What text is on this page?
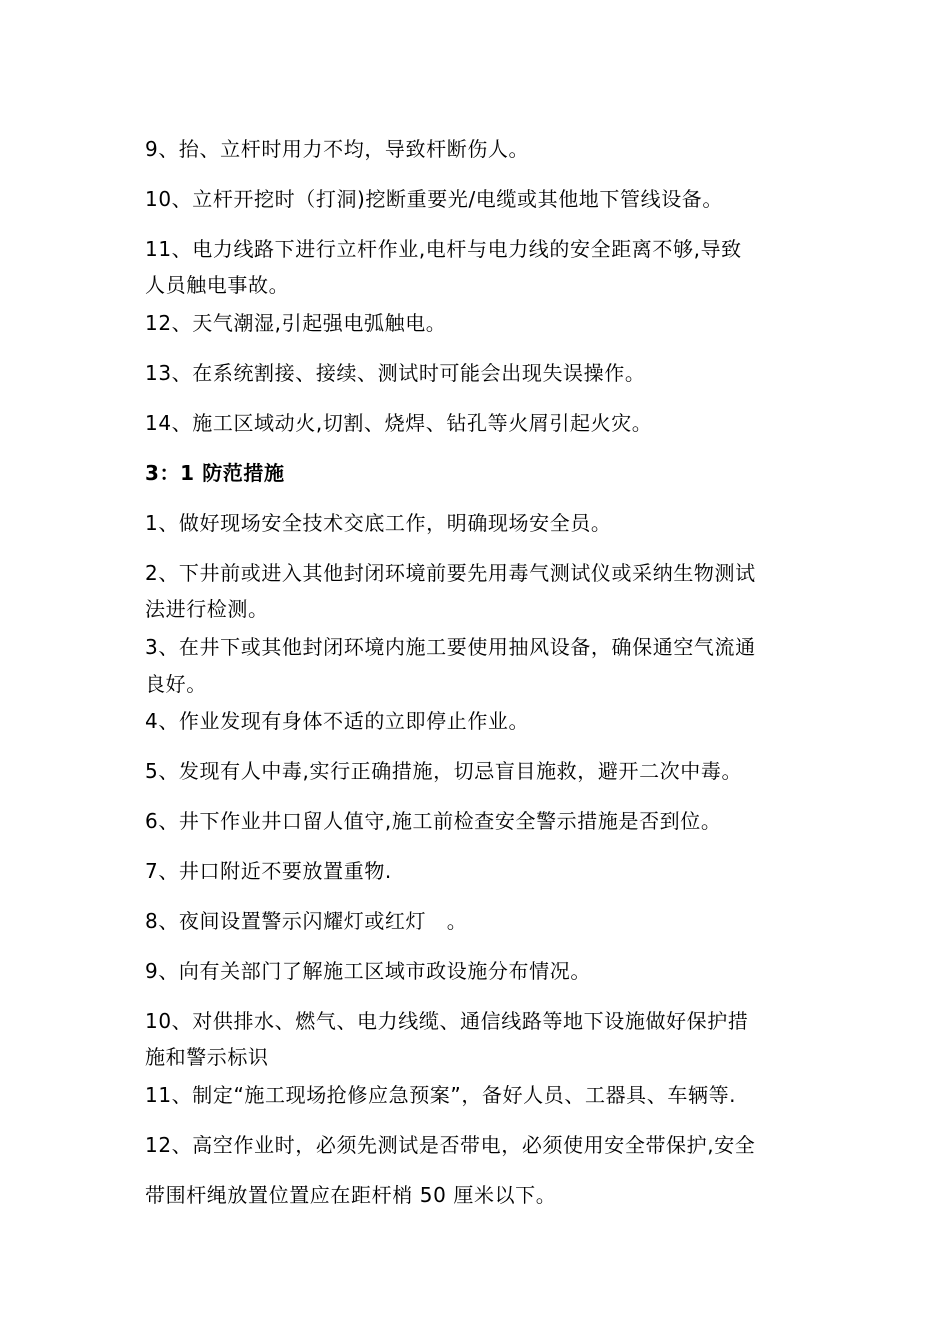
9、抬、立杆时用力不均，导致杆断伤人。
10、立杆开挖时（打洞)挖断重要光/电缆或其他地下管线设备。
11、电力线路下进行立杆作业,电杆与电力线的安全距离不够,导致
人员触电事故。
12、天气潮湿,引起强电弧触电。
13、在系统割接、接续、测试时可能会出现失误操作。
14、施工区域动火,切割、烧焊、钻孔等火屑引起火灾。
3：1 防范措施
1、做好现场安全技术交底工作，明确现场安全员。
2、下井前或进入其他封闭环境前要先用毒气测试仪或采纳生物测试
法进行检测。
3、在井下或其他封闭环境内施工要使用抽风设备，确保通空气流通
良好。
4、作业发现有身体不适的立即停止作业。
5、发现有人中毒,实行正确措施，切忌盲目施救，避开二次中毒。
6、井下作业井口留人值守,施工前检查安全警示措施是否到位。
7、井口附近不要放置重物.
8、夜间设置警示闪耀灯或红灯　。
9、向有关部门了解施工区域市政设施分布情况。
10、对供排水、燃气、电力线缆、通信线路等地下设施做好保护措
施和警示标识
11、制定“施工现场抢修应急预案”，备好人员、工器具、车辆等.
12、高空作业时，必须先测试是否带电，必须使用安全带保护,安全
带围杆绳放置位置应在距杆梢 50 厘米以下。
